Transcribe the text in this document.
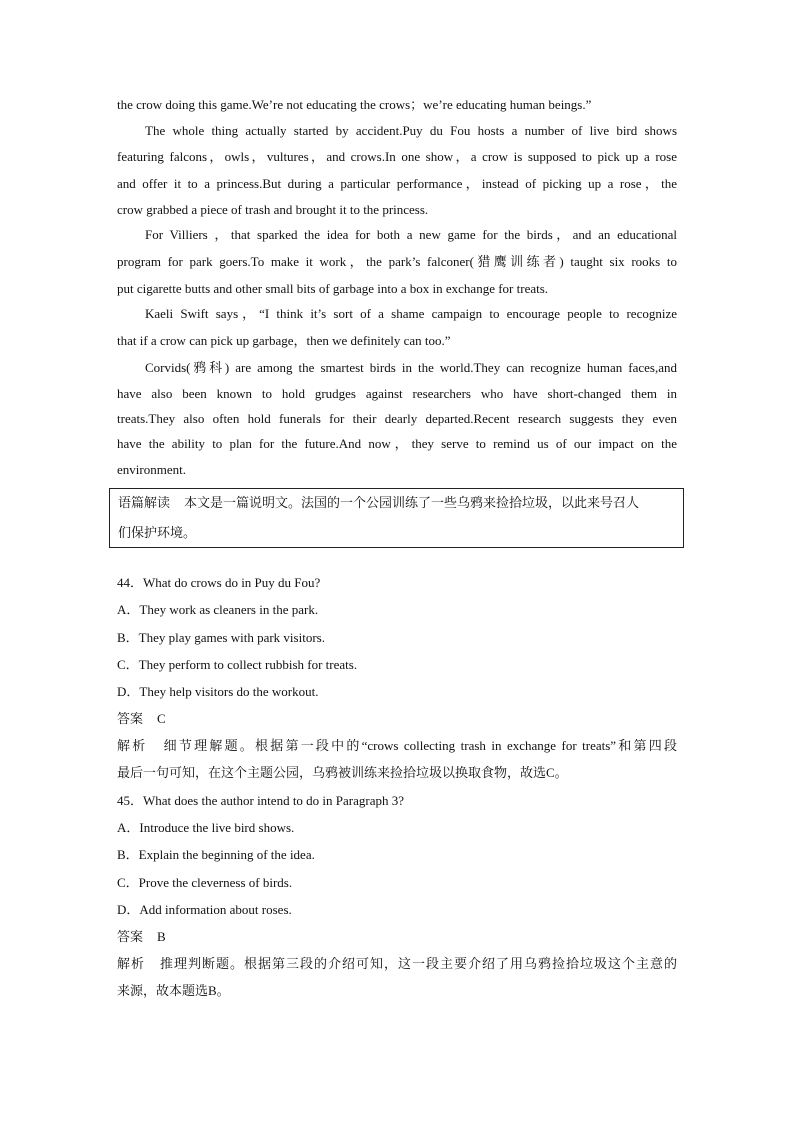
the crow doing this game.We’re not educating the crows；we’re educating human beings.”
The whole thing actually started by accident.Puy du Fou hosts a number of live bird shows
featuring falcons，owls，vultures，and crows.In one show，a crow is supposed to pick up a rose
and offer it to a princess.But during a particular performance，instead of picking up a rose，the
crow grabbed a piece of trash and brought it to the princess.
For Villiers ，that sparked the idea for both a new game for the birds，and an educational
program for park goers.To make it work，the park’s falconer(猎鹰训练者) taught six rooks to
put cigarette butts and other small bits of garbage into a box in exchange for treats.
Kaeli Swift says，“I think it’s sort of a shame campaign to encourage people to recognize
that if a crow can pick up garbage，then we definitely can too.”
Corvids(鸦科) are among the smartest birds in the world.They can recognize human faces,and
have also been known to hold grudges against researchers who have short-changed them in
treats.They also often hold funerals for their dearly departed.Recent research suggests they even
have the ability to plan for the future.And now，they serve to remind us of our impact on the
environment.
语篇解读 本文是一篇说明文。法国的一个公园训练了一些乌鸦来捡拾垃圾，以此来号召人
们保护环境。
44．What do crows do in Puy du Fou?
A．They work as cleaners in the park.
B．They play games with park visitors.
C．They perform to collect rubbish for treats.
D．They help visitors do the workout.
答案 C
解析 细节理解题。根据第一段中的“crows collecting trash in exchange for treats”和第四段
最后一句可知，在这个主题公园，乌鸦被训练来捡拾垃圾以换取食物，故选C。
45．What does the author intend to do in Paragraph 3?
A．Introduce the live bird shows.
B．Explain the beginning of the idea.
C．Prove the cleverness of birds.
D．Add information about roses.
答案 B
解析 推理判断题。根据第三段的介绍可知，这一段主要介绍了用乌鸦捡拾垃圾这个主意的
来源，故本题选B。
